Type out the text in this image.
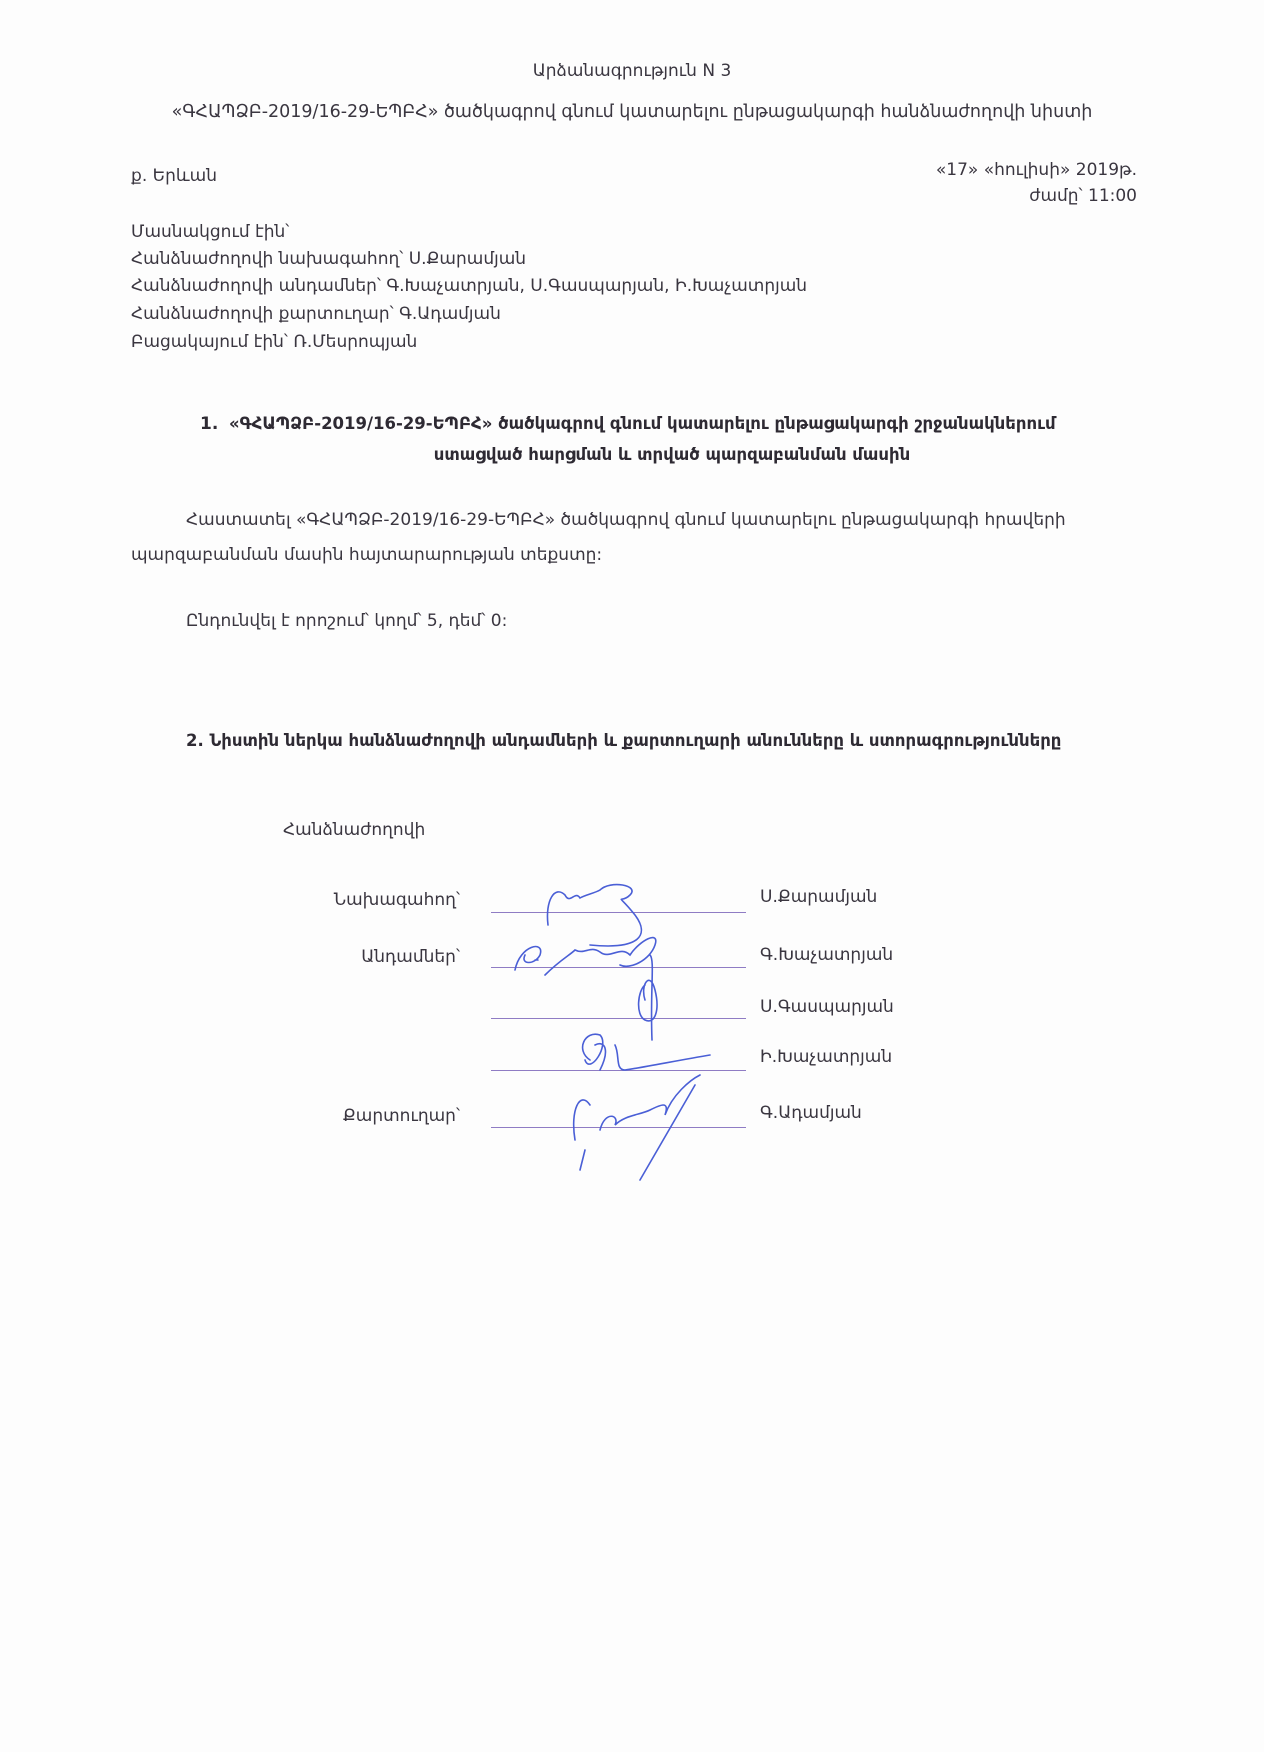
Արձանագրություն N 3
«ԳՀԱՊՁԲ-2019/16-29-ԵՊԲՀ» ծածկագրով գնում կատարելու ընթացակարգի հանձնաժողովի նիստի
ք. Երևան	«17» «հուլիսի» 2019թ.
ժամը՝ 11:00
Մասնակցում էին՝
Հանձնաժողովի նախագահող՝ Ս.Քարամյան
Հանձնաժողովի անդամներ՝ Գ.Խաչատրյան, Ս.Գասպարյան, Ի.Խաչատրյան
Հանձնաժողովի քարտուղար՝ Գ.Ադամյան
Բացակայում էին՝ Ռ.Մեսրոպյան
1. «ԳՀԱՊՁԲ-2019/16-29-ԵՊԲՀ» ծածկագրով գնում կատարելու ընթացակարգի շրջանակներում
ստացված հարցման և տրված պարզաբանման մասին
Հաստատել «ԳՀԱՊՁԲ-2019/16-29-ԵՊԲՀ» ծածկագրով գնում կատարելու ընթացակարգի հրավերի
պարզաբանման մասին հայտարարության տեքստը:
Ընդունվել է որոշում՝ կողմ՝ 5, դեմ՝ 0:
2. Նիստին ներկա հանձնաժողովի անդամների և քարտուղարի անունները և ստորագրությունները
Հանձնաժողովի
Նախագահող՝
Անդամներ՝
Քարտուղար՝
Ս.Քարամյան
Գ.Խաչատրյան
Ս.Գասպարյան
Ի.Խաչատրյան
Գ.Ադամյան
